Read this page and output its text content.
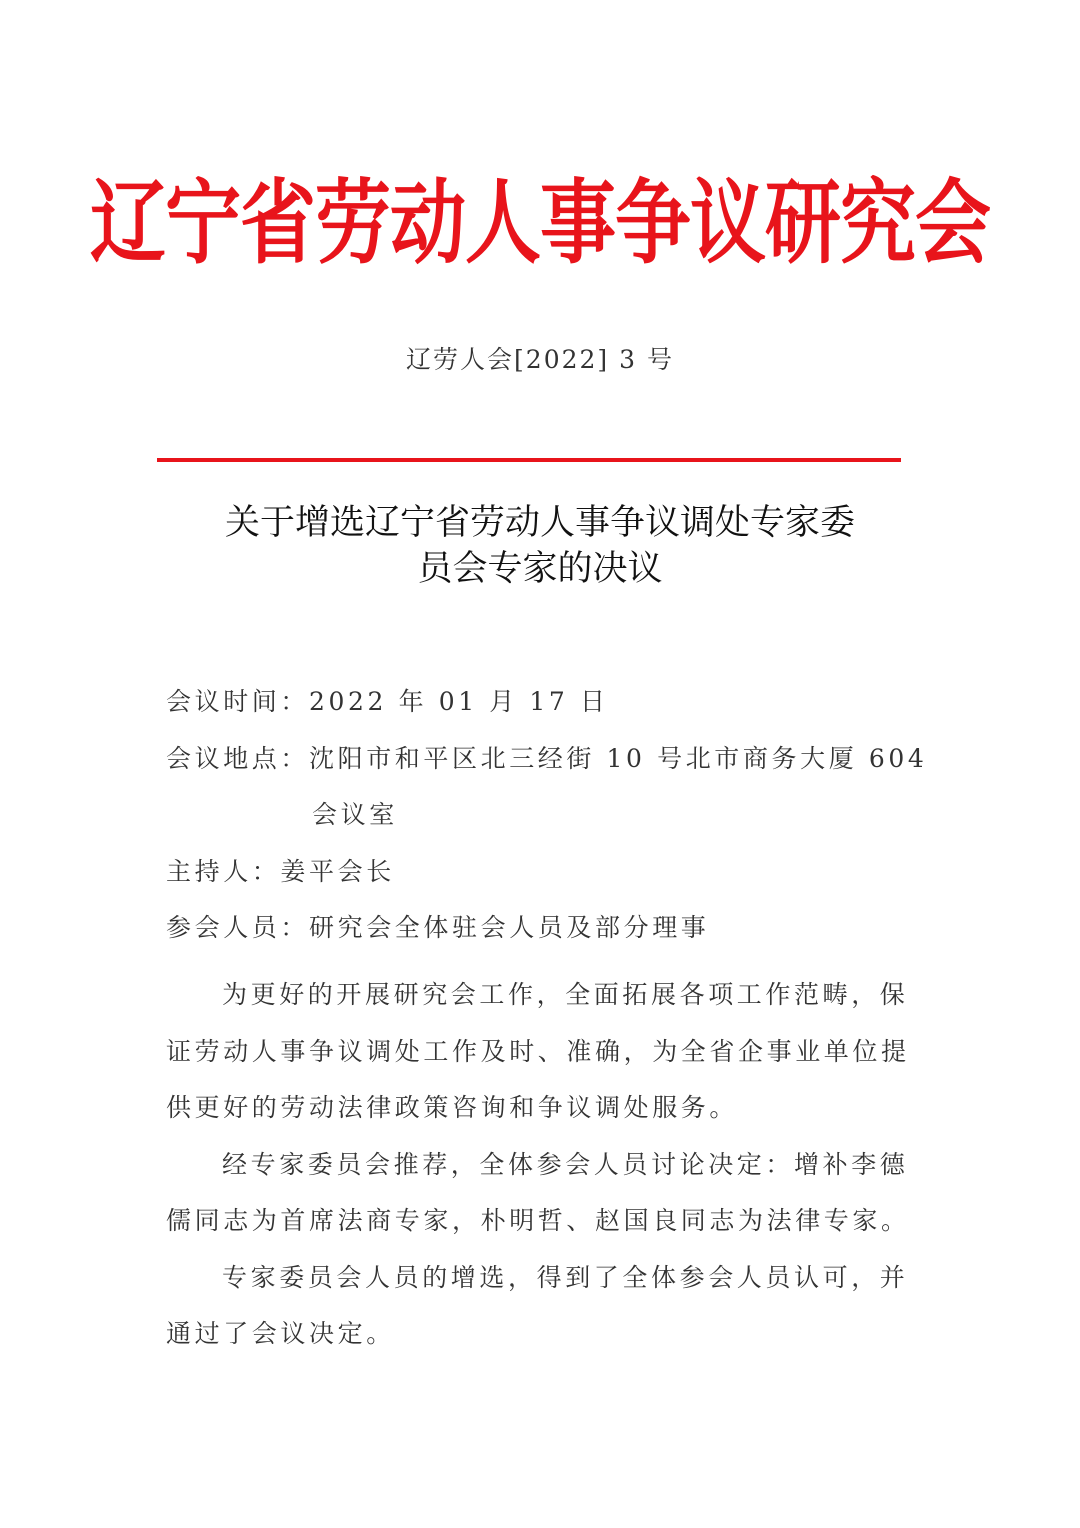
辽宁省劳动人事争议研究会
辽劳人会[2022] 3 号
关于增选辽宁省劳动人事争议调处专家委
员会专家的决议
会议时间：2022 年 01 月 17 日
会议地点：沈阳市和平区北三经街 10 号北市商务大厦 604
会议室
主持人：姜平会长
参会人员：研究会全体驻会人员及部分理事
为更好的开展研究会工作，全面拓展各项工作范畴，保
证劳动人事争议调处工作及时、准确，为全省企事业单位提
供更好的劳动法律政策咨询和争议调处服务。
经专家委员会推荐，全体参会人员讨论决定：增补李德
儒同志为首席法商专家，朴明哲、赵国良同志为法律专家。
专家委员会人员的增选，得到了全体参会人员认可，并
通过了会议决定。
